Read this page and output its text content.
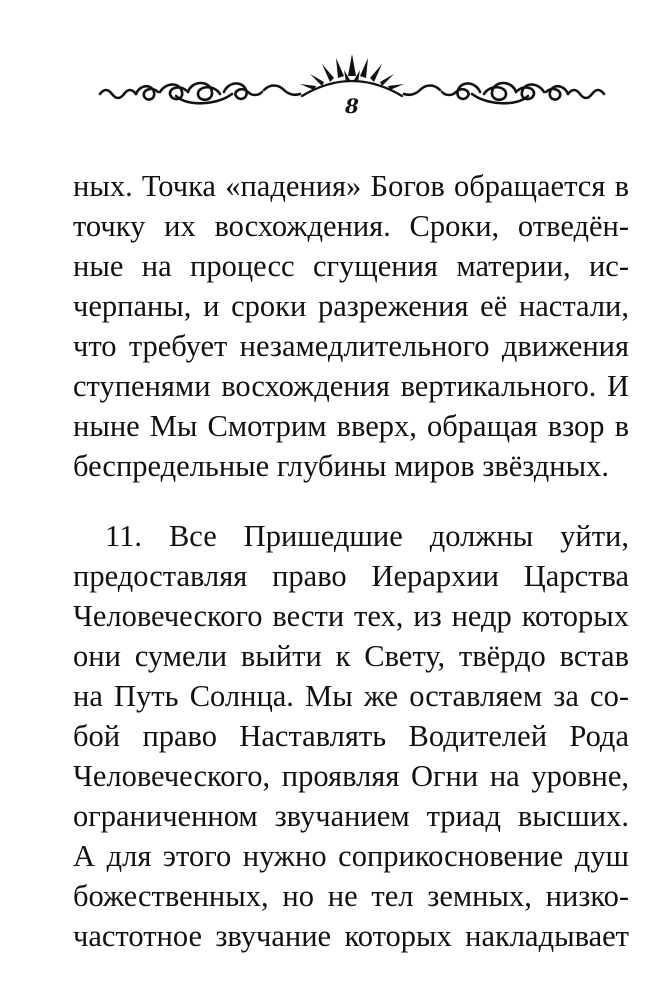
8
ных. Точка «падения» Богов обращается в
точку их восхождения. Сроки, отведён-
ные на процесс сгущения материи, ис-
черпаны, и сроки разрежения её настали,
что требует незамедлительного движения
ступенями восхождения вертикального. И
ныне Мы Смотрим вверх, обращая взор в
беспредельные глубины миров звёздных.
11. Все Пришедшие должны уйти,
предоставляя право Иерархии Царства
Человеческого вести тех, из недр которых
они сумели выйти к Свету, твёрдо встав
на Путь Солнца. Мы же оставляем за со-
бой право Наставлять Водителей Рода
Человеческого, проявляя Огни на уровне,
ограниченном звучанием триад высших.
А для этого нужно соприкосновение душ
божественных, но не тел земных, низко-
частотное звучание которых накладывает
